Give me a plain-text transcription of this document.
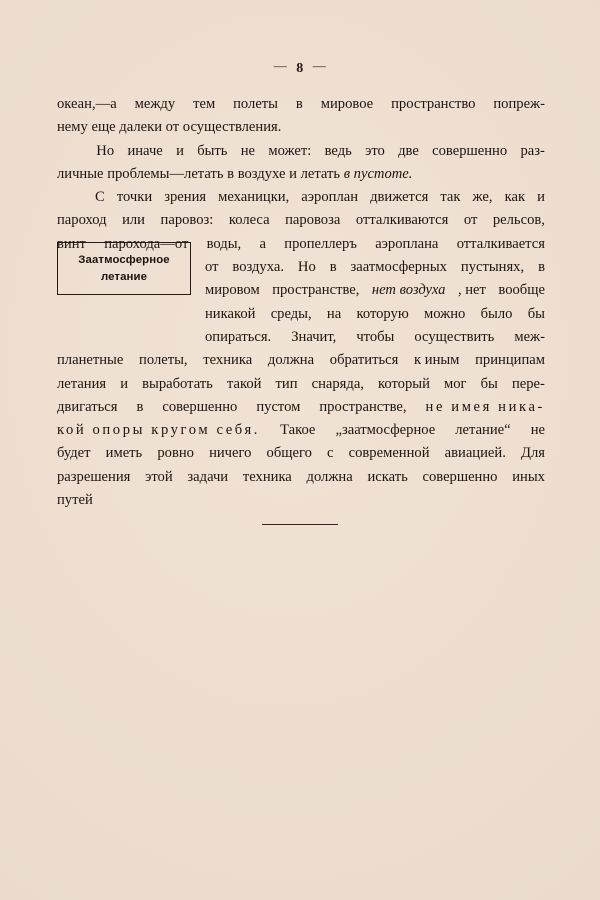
— 8 —
Заатмосферное
летание
океан,—а между тем полеты в мировое пространство попреж-
нему еще далеки от осуществления.
Но иначе и быть не может: ведь это две совершенно раз-
личные
проблемы—летать
в
воздухе
и
летать
в пустоте.
С точки зрения механицки, аэроплан движется так же, как и
пароход или паровоз: колеса паровоза отталкиваются от рельсов,
винт парохода—от воды, а пропеллеръ аэроплана отталкивается
от воздуха. Но в заатмосферных пустынях, в
мировом пространстве, нет воздуха , нет вообще
никакой среды, на которую можно было бы
опираться. Значит, чтобы осуществить меж-
планетные полеты, техника должна обратиться к иным принципам
летания и выработать такой тип снаряда, который мог бы пере-
двигаться в совершенно пустом пространстве, не имея ника-
кой опоры кругом себя. Такое „заатмосферное летание“ не
будет иметь ровно ничего общего с современной авиацией. Для
разрешения этой задачи техника должна искать совершенно иных
путей
